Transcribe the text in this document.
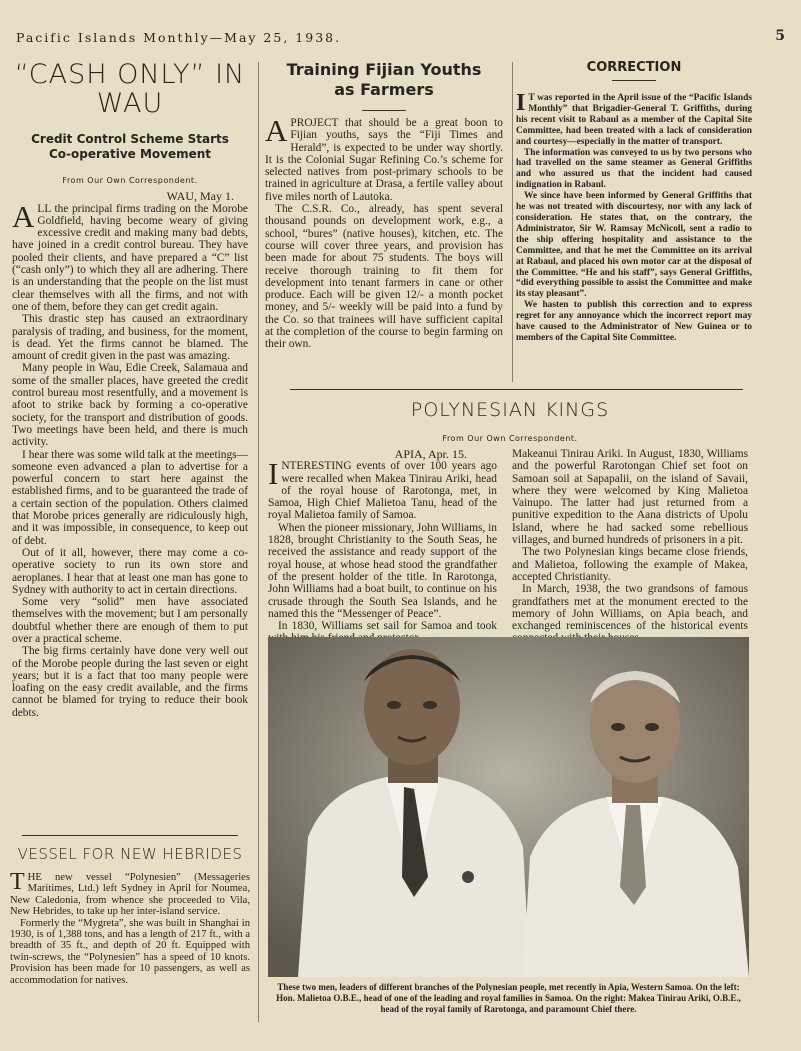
Pacific Islands Monthly—May 25, 1938.	5
“CASH ONLY” IN
WAU
Credit Control Scheme Starts
Co-operative Movement
From Our Own Correspondent.
WAU, May 1.

ALL the principal firms trading on the Morobe Goldfield, having become weary of giving excessive credit and making many bad debts, have joined in a credit control bureau. They have pooled their clients, and have prepared a “C” list (“cash only”) to which they all are adhering. There is an understanding that the people on the list must clear themselves with all the firms, and not with one of them, before they can get credit again.

This drastic step has caused an extraordinary paralysis of trading, and business, for the moment, is dead. Yet the firms cannot be blamed. The amount of credit given in the past was amazing.

Many people in Wau, Edie Creek, Salamaua and some of the smaller places, have greeted the credit control bureau most resentfully, and a movement is afoot to strike back by forming a co-operative society, for the transport and distribution of goods. Two meetings have been held, and there is much activity.

I hear there was some wild talk at the meetings—someone even advanced a plan to advertise for a powerful concern to start here against the established firms, and to be guaranteed the trade of a certain section of the population. Others claimed that Morobe prices generally are ridiculously high, and it was impossible, in consequence, to keep out of debt.

Out of it all, however, there may come a co-operative society to run its own store and aeroplanes. I hear that at least one man has gone to Sydney with authority to act in certain directions.

Some very “solid” men have associated themselves with the movement; but I am personally doubtful whether there are enough of them to put over a practical scheme.

The big firms certainly have done very well out of the Morobe people during the last seven or eight years; but it is a fact that too many people were loafing on the easy credit available, and the firms cannot be blamed for trying to reduce their book debts.

VESSEL FOR NEW HEBRIDES

THE new vessel “Polynesien” (Messageries Maritimes, Ltd.) left Sydney in April for Noumea, New Caledonia, from whence she proceeded to Vila, New Hebrides, to take up her inter-island service.

Formerly the “Mygreta”, she was built in Shanghai in 1930, is of 1,388 tons, and has a length of 217 ft., with a breadth of 35 ft., and depth of 20 ft. Equipped with twin-screws, the “Polynesien” has a speed of 10 knots. Provision has been made for 10 passengers, as well as accommodation for natives.

Training Fijian Youths
as Farmers

A PROJECT that should be a great boon to Fijian youths, says the “Fiji Times and Herald”, is expected to be under way shortly. It is the Colonial Sugar Refining Co.’s scheme for selected natives from post-primary schools to be trained in agriculture at Drasa, a fertile valley about five miles north of Lautoka.

The C.S.R. Co., already, has spent several thousand pounds on development work, e.g., a school, “bures” (native houses), kitchen, etc. The course will cover three years, and provision has been made for about 75 students. The boys will receive thorough training to fit them for development into tenant farmers in cane or other produce. Each will be given 12/- a month pocket money, and 5/- weekly will be paid into a fund by the Co. so that trainees will have sufficient capital at the completion of the course to begin farming on their own.

CORRECTION

I T was reported in the April issue of the “Pacific Islands Monthly” that Brigadier-General T. Griffiths, during his recent visit to Rabaul as a member of the Capital Site Committee, had been treated with a lack of consideration and courtesy—especially in the matter of transport.

The information was conveyed to us by two persons who had travelled on the same steamer as General Griffiths and who assured us that the incident had caused indignation in Rabaul.

We since have been informed by General Griffiths that he was not treated with discourtesy, nor with any lack of consideration. He states that, on the contrary, the Administrator, Sir W. Ramsay McNicoll, sent a radio to the ship offering hospitality and assistance to the Committee, and that he met the Committee on its arrival at Rabaul, and placed his own motor car at the disposal of the Committee. “He and his staff”, says General Griffiths, “did everything possible to assist the Committee and make its stay pleasant”.

We hasten to publish this correction and to express regret for any annoyance which the incorrect report may have caused to the Administrator of New Guinea or to members of the Capital Site Committee.

POLYNESIAN KINGS
From Our Own Correspondent.
APIA, Apr. 15.

INTERESTING events of over 100 years ago were recalled when Makea Tinirau Ariki, head of the royal house of Rarotonga, met, in Samoa, High Chief Malietoa Tanu, head of the royal Malietoa family of Samoa.

When the pioneer missionary, John Williams, in 1828, brought Christianity to the South Seas, he received the assistance and ready support of the royal house, at whose head stood the grandfather of the present holder of the title. In Rarotonga, John Williams had a boat built, to continue on his crusade through the South Sea Islands, and he named this the “Messenger of Peace”.

In 1830, Williams set sail for Samoa and took

Makeanui Tinirau Ariki. In August, 1830, Williams and the powerful Rarotongan Chief set foot on Samoan soil at Sapapalii, on the island of Savaii, where they were welcomed by King Malietoa Vainupo. The latter had just returned from a punitive expedition to the Aana districts of Upolu Island, where he had sacked some rebellious villages, and burned hundreds of prisoners in a pit.

The two Polynesian kings became close friends, and Malietoa, following the example of Makea, accepted Christianity.

In March, 1938, the two grandsons of famous grandfathers met at the monument erected to the memory of John Williams, on Apia beach, and exchanged reminiscences of the historical events

These two men, leaders of different branches of the Polynesian people, met recently in Apia, Western Samoa. On the left: Hon. Malietoa O.B.E., head of one of the leading and royal families in Samoa. On the right: Makea Tinirau Ariki, O.B.E., head of the royal family of Rarotonga, and paramount Chief there.
